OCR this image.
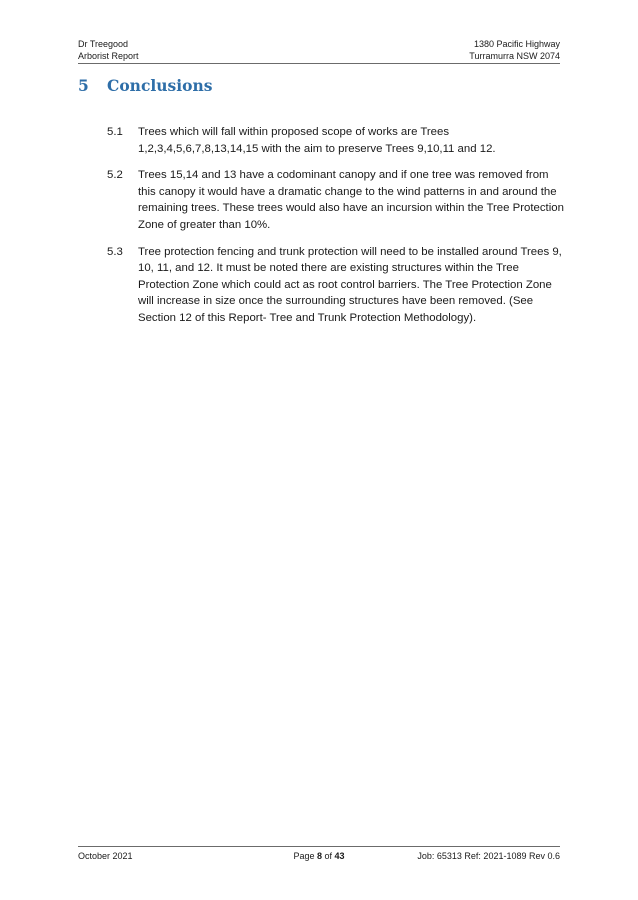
Dr Treegood
Arborist Report
1380 Pacific Highway
Turramurra NSW 2074
5 Conclusions
5.1 Trees which will fall within proposed scope of works are Trees 1,2,3,4,5,6,7,8,13,14,15 with the aim to preserve Trees 9,10,11 and 12.
5.2 Trees 15,14 and 13 have a codominant canopy and if one tree was removed from this canopy it would have a dramatic change to the wind patterns in and around the remaining trees. These trees would also have an incursion within the Tree Protection Zone of greater than 10%.
5.3 Tree protection fencing and trunk protection will need to be installed around Trees 9, 10, 11, and 12. It must be noted there are existing structures within the Tree Protection Zone which could act as root control barriers. The Tree Protection Zone will increase in size once the surrounding structures have been removed. (See Section 12 of this Report- Tree and Trunk Protection Methodology).
October 2021	Page 8 of 43	Job: 65313 Ref: 2021-1089 Rev 0.6
